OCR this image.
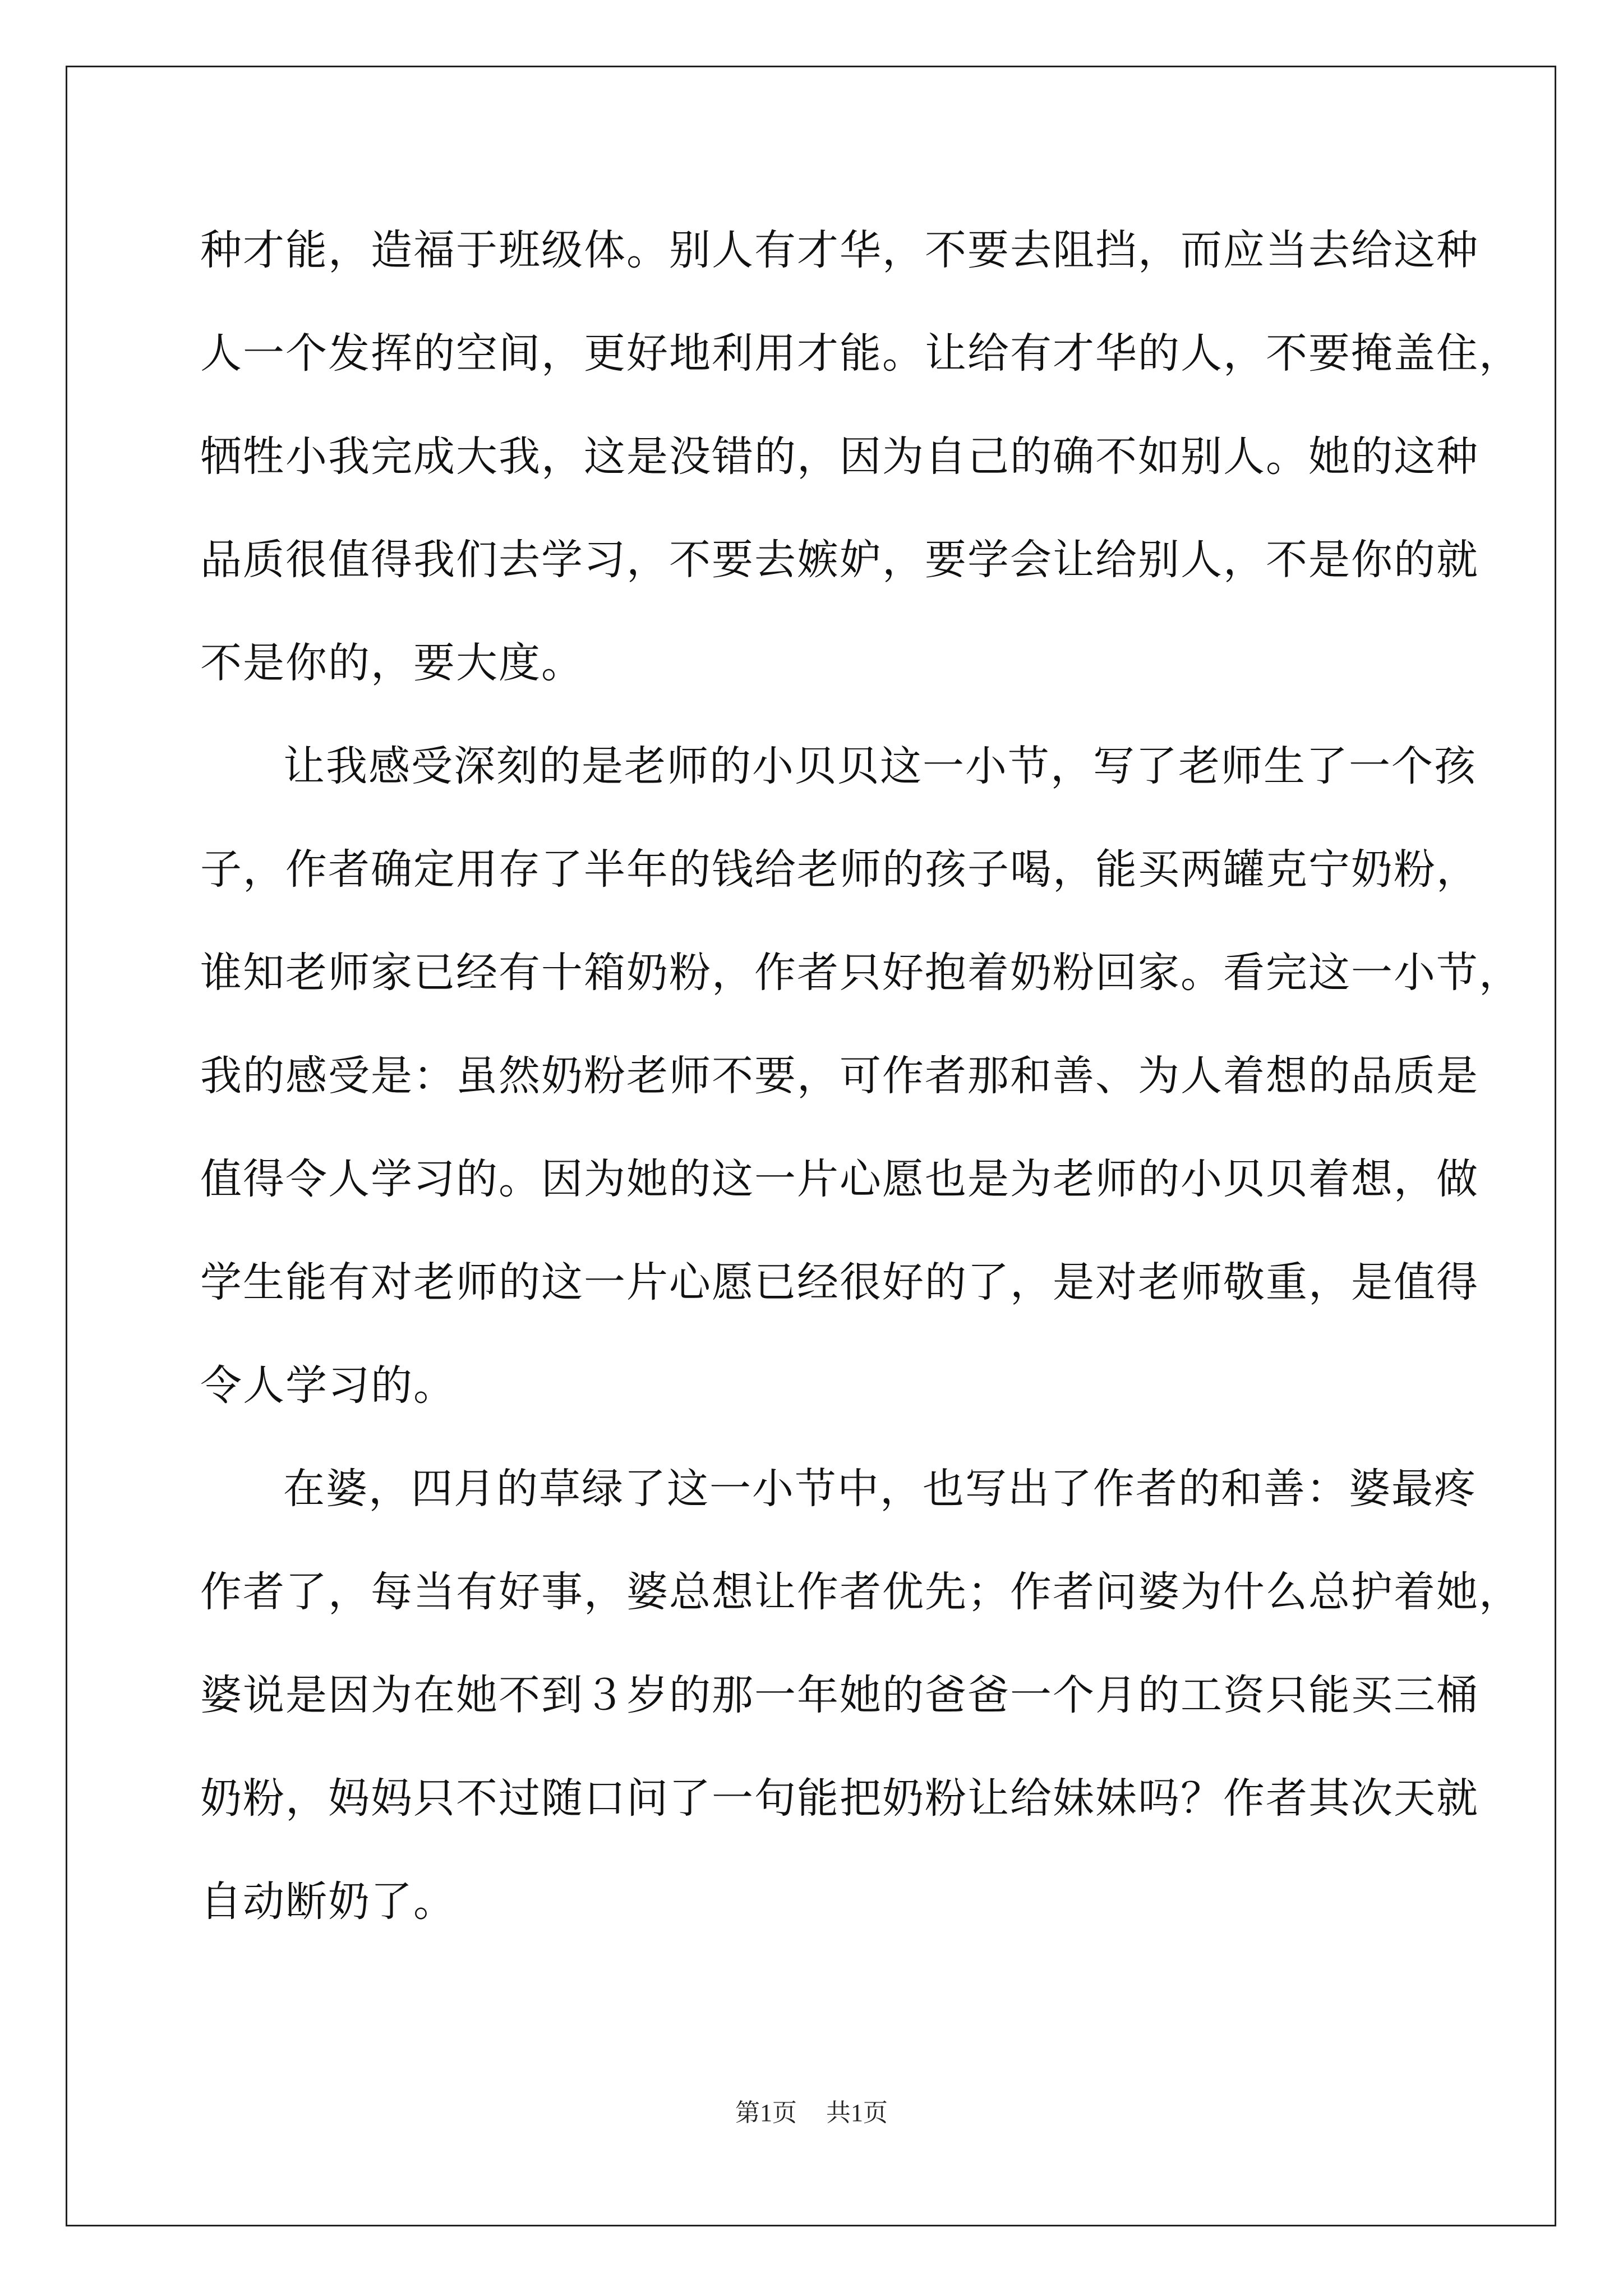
种才能，造福于班级体。别人有才华，不要去阻挡，而应当去给这种
人一个发挥的空间，更好地利用才能。让给有才华的人，不要掩盖住，
牺牲小我完成大我，这是没错的，因为自己的确不如别人。她的这种
品质很值得我们去学习，不要去嫉妒，要学会让给别人，不是你的就
不是你的，要大度。
让我感受深刻的是老师的小贝贝这一小节，写了老师生了一个孩
子，作者确定用存了半年的钱给老师的孩子喝，能买两罐克宁奶粉，
谁知老师家已经有十箱奶粉，作者只好抱着奶粉回家。看完这一小节，
我的感受是：虽然奶粉老师不要，可作者那和善、为人着想的品质是
值得令人学习的。因为她的这一片心愿也是为老师的小贝贝着想，做
学生能有对老师的这一片心愿已经很好的了，是对老师敬重，是值得
令人学习的。
在婆，四月的草绿了这一小节中，也写出了作者的和善：婆最疼
作者了，每当有好事，婆总想让作者优先；作者问婆为什么总护着她，
婆说是因为在她不到３岁的那一年她的爸爸一个月的工资只能买三桶
奶粉，妈妈只不过随口问了一句能把奶粉让给妹妹吗？作者其次天就
自动断奶了。
第1页 共1页
